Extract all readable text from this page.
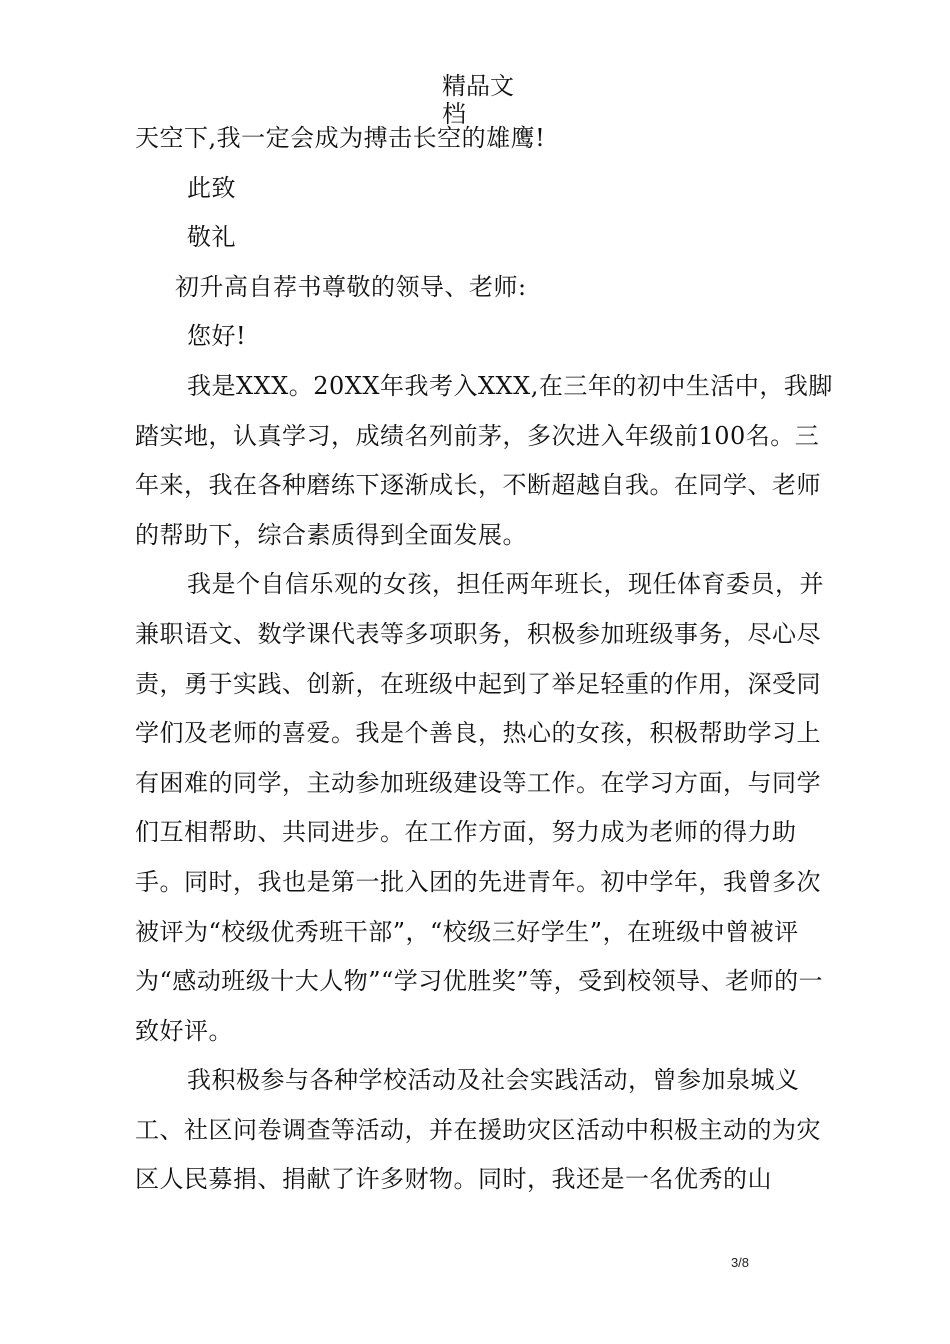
精品文档

天空下,我一定会成为搏击长空的雄鹰!

此致

敬礼

初升高自荐书尊敬的领导、老师:

您好!

我是XXX。20XX年我考入XXX,在三年的初中生活中，我脚踏实地，认真学习，成绩名列前茅，多次进入年级前100名。三年来，我在各种磨练下逐渐成长，不断超越自我。在同学、老师的帮助下，综合素质得到全面发展。

我是个自信乐观的女孩，担任两年班长，现任体育委员，并兼职语文、数学课代表等多项职务，积极参加班级事务，尽心尽责，勇于实践、创新，在班级中起到了举足轻重的作用，深受同学们及老师的喜爱。我是个善良，热心的女孩，积极帮助学习上有困难的同学，主动参加班级建设等工作。在学习方面，与同学们互相帮助、共同进步。在工作方面，努力成为老师的得力助手。同时，我也是第一批入团的先进青年。初中学年，我曾多次被评为“校级优秀班干部”，“校级三好学生”，在班级中曾被评为“感动班级十大人物”“学习优胜奖”等，受到校领导、老师的一致好评。

我积极参与各种学校活动及社会实践活动，曾参加泉城义工、社区问卷调查等活动，并在援助灾区活动中积极主动的为灾区人民募捐、捐献了许多财物。同时，我还是一名优秀的山

3/8
